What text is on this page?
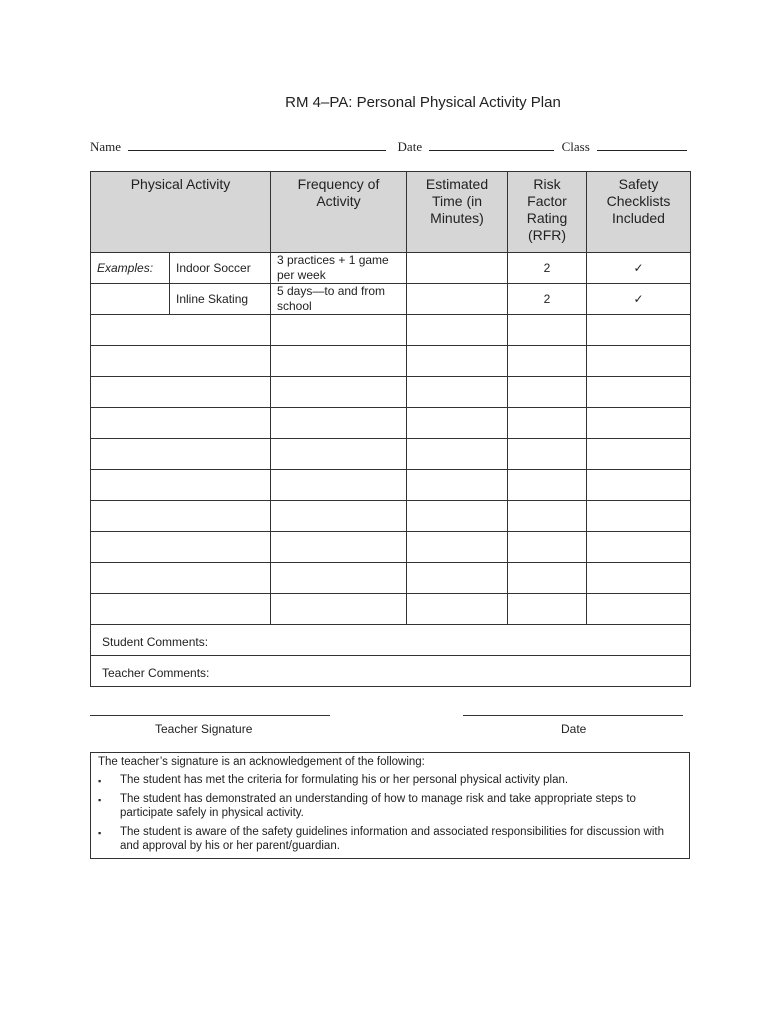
RM 4–PA: Personal Physical Activity Plan
Name	Date	Class
Physical Activity		Frequency of Activity	Estimated Time (in Minutes)	Risk Factor Rating (RFR)	Safety Checklists Included

Examples:	Indoor Soccer	3 practices + 1 game per week		2	✓
	Inline Skating	5 days—to and from school		2	✓

Student Comments:					

Teacher Comments:					
Teacher Signature	Date
The teacher’s signature is an acknowledgement of the following:
▪ The student has met the criteria for formulating his or her personal physical activity plan.
▪ The student has demonstrated an understanding of how to manage risk and take appropriate steps to participate safely in physical activity.
▪ The student is aware of the safety guidelines information and associated responsibilities for discussion with and approval by his or her parent/guardian.
